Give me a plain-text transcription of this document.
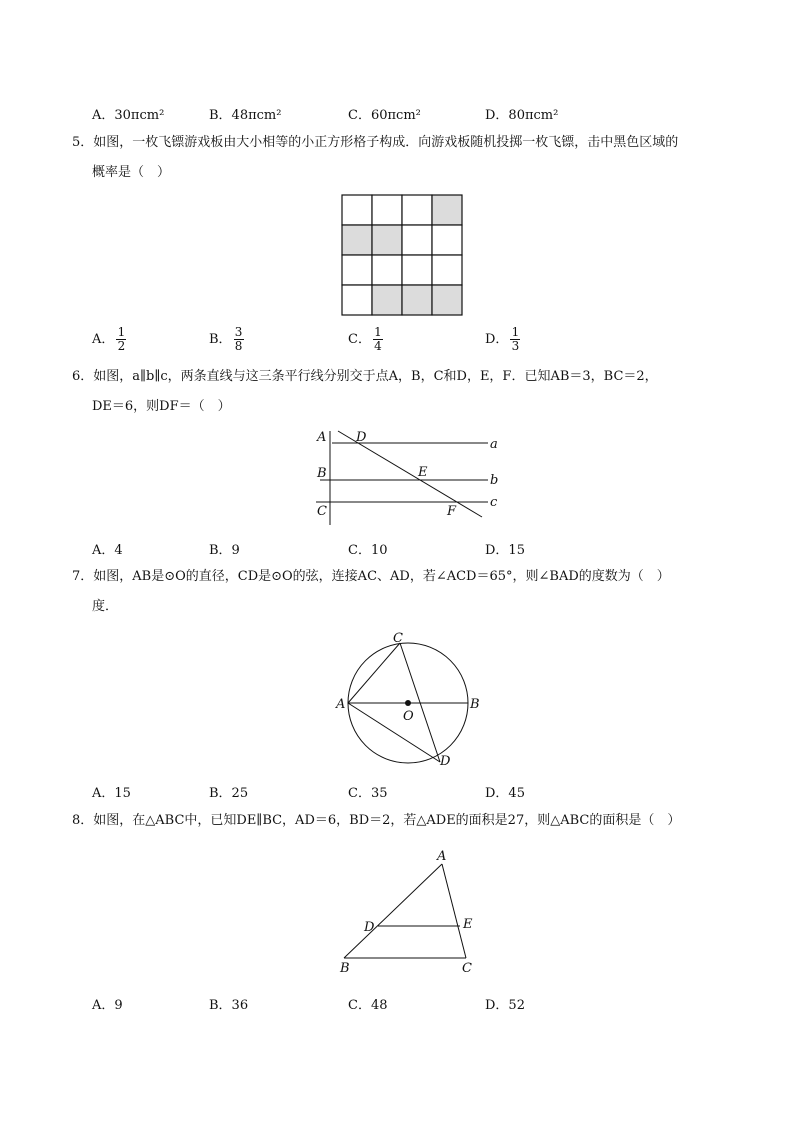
A．30πcm²	B．48πcm²	C．60πcm²	D．80πcm²
5．如图，一枚飞镖游戏板由大小相等的小正方形格子构成．向游戏板随机投掷一枚飞镖，击中黑色区域的
概率是（　）
A． $\frac{1}{2}$	B． $\frac{3}{8}$	C． $\frac{1}{4}$	D． $\frac{1}{3}$
6．如图，a∥b∥c，两条直线与这三条平行线分别交于点A，B，C和D，E，F．已知AB＝3，BC＝2，
DE＝6，则DF＝（　）
A
B
C
D
E
F
a
b
c
A．4	B．9	C．10	D．15
7．如图，AB是⊙O的直径，CD是⊙O的弦，连接AC、AD，若∠ACD＝65°，则∠BAD的度数为（　）
度．
C
A	B
O
D
A．15	B．25	C．35	D．45
8．如图，在△ABC中，已知DE∥BC，AD＝6，BD＝2，若△ADE的面积是27，则△ABC的面积是（　）
A
D	E
B	C
A．9	B．36	C．48	D．52
